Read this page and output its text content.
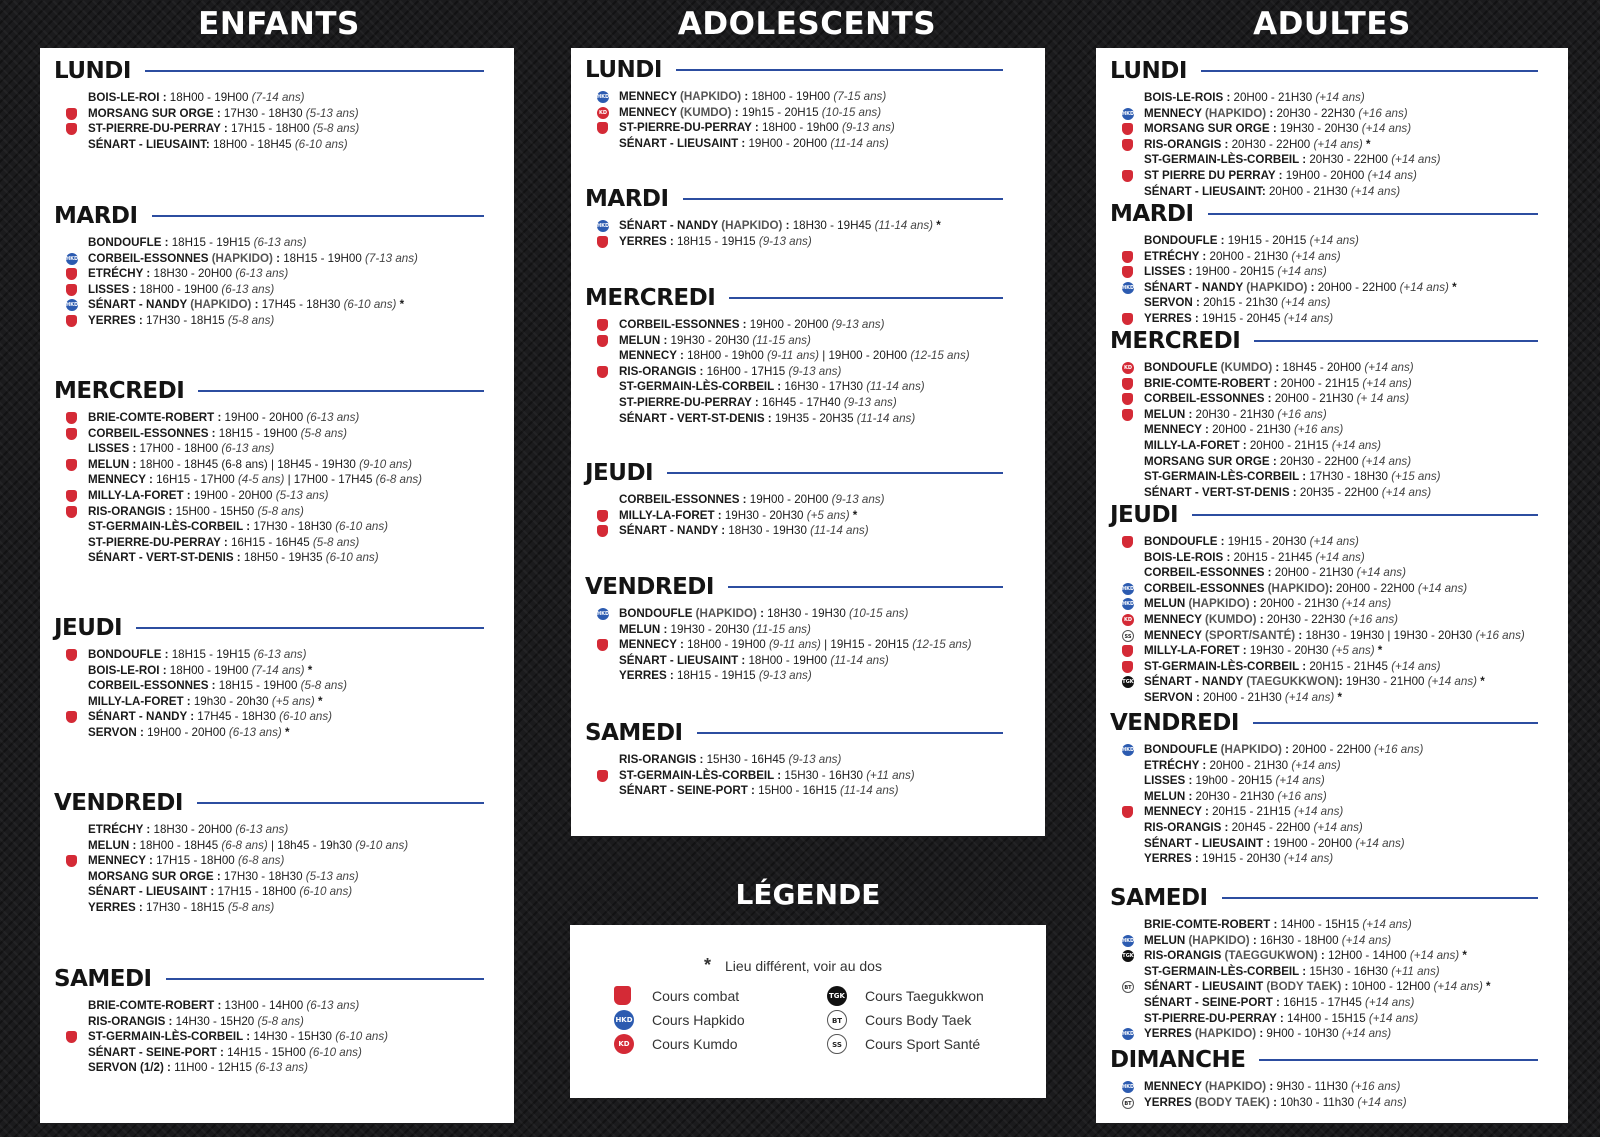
ENFANTS	ADOLESCENTS	ADULTES
LUNDI
BOIS-LE-ROI : 18H00 - 19H00 (7-14 ans)
MORSANG SUR ORGE : 17H30 - 18H30 (5-13 ans)
ST-PIERRE-DU-PERRAY : 17H15 - 18H00 (5-8 ans)
SÉNART - LIEUSAINT: 18H00 - 18H45 (6-10 ans)
MARDI
BONDOUFLE : 18H15 - 19H15 (6-13 ans)
HKD CORBEIL-ESSONNES (HAPKIDO) : 18H15 - 19H00 (7-13 ans)
ETRÉCHY : 18H30 - 20H00 (6-13 ans)
LISSES : 18H00 - 19H00 (6-13 ans)
HKD SÉNART - NANDY (HAPKIDO) : 17H45 - 18H30 (6-10 ans) *
YERRES : 17H30 - 18H15 (5-8 ans)
MERCREDI
BRIE-COMTE-ROBERT : 19H00 - 20H00 (6-13 ans)
CORBEIL-ESSONNES : 18H15 - 19H00 (5-8 ans)
LISSES : 17H00 - 18H00 (6-13 ans)
MELUN : 18H00 - 18H45 (6-8 ans) | 18H45 - 19H30 (9-10 ans)
MENNECY : 16H15 - 17H00 (4-5 ans) | 17H00 - 17H45 (6-8 ans)
MILLY-LA-FORET : 19H00 - 20H00 (5-13 ans)
RIS-ORANGIS : 15H00 - 15H50 (5-8 ans)
ST-GERMAIN-LÈS-CORBEIL : 17H30 - 18H30 (6-10 ans)
ST-PIERRE-DU-PERRAY : 16H15 - 16H45 (5-8 ans)
SÉNART - VERT-ST-DENIS : 18H50 - 19H35 (6-10 ans)
JEUDI
BONDOUFLE : 18H15 - 19H15 (6-13 ans)
BOIS-LE-ROI : 18H00 - 19H00 (7-14 ans) *
CORBEIL-ESSONNES : 18H15 - 19H00 (5-8 ans)
MILLY-LA-FORET : 19h30 - 20h30 (+5 ans) *
SÉNART - NANDY : 17H45 - 18H30 (6-10 ans)
SERVON : 19H00 - 20H00 (6-13 ans) *
VENDREDI
ETRÉCHY : 18H30 - 20H00 (6-13 ans)
MELUN : 18H00 - 18H45 (6-8 ans) | 18h45 - 19h30 (9-10 ans)
MENNECY : 17H15 - 18H00 (6-8 ans)
MORSANG SUR ORGE : 17H30 - 18H30 (5-13 ans)
SÉNART - LIEUSAINT : 17H15 - 18H00 (6-10 ans)
YERRES : 17H30 - 18H15 (5-8 ans)
SAMEDI
BRIE-COMTE-ROBERT : 13H00 - 14H00 (6-13 ans)
RIS-ORANGIS : 14H30 - 15H20 (5-8 ans)
ST-GERMAIN-LÈS-CORBEIL : 14H30 - 15H30 (6-10 ans)
SÉNART - SEINE-PORT : 14H15 - 15H00 (6-10 ans)
SERVON (1/2) : 11H00 - 12H15 (6-13 ans)
LUNDI
HKD MENNECY (HAPKIDO) : 18H00 - 19H00 (7-15 ans)
KD MENNECY (KUMDO) : 19h15 - 20H15 (10-15 ans)
ST-PIERRE-DU-PERRAY : 18H00 - 19h00 (9-13 ans)
SÉNART - LIEUSAINT : 19H00 - 20H00 (11-14 ans)
MARDI
HKD SÉNART - NANDY (HAPKIDO) : 18H30 - 19H45 (11-14 ans) *
YERRES : 18H15 - 19H15 (9-13 ans)
MERCREDI
CORBEIL-ESSONNES : 19H00 - 20H00 (9-13 ans)
MELUN : 19H30 - 20H30 (11-15 ans)
MENNECY : 18H00 - 19h00 (9-11 ans) | 19H00 - 20H00 (12-15 ans)
RIS-ORANGIS : 16H00 - 17H15 (9-13 ans)
ST-GERMAIN-LÈS-CORBEIL : 16H30 - 17H30 (11-14 ans)
ST-PIERRE-DU-PERRAY : 16H45 - 17H40 (9-13 ans)
SÉNART - VERT-ST-DENIS : 19H35 - 20H35 (11-14 ans)
JEUDI
CORBEIL-ESSONNES : 19H00 - 20H00 (9-13 ans)
MILLY-LA-FORET : 19H30 - 20H30 (+5 ans) *
SÉNART - NANDY : 18H30 - 19H30 (11-14 ans)
VENDREDI
HKD BONDOUFLE (HAPKIDO) : 18H30 - 19H30 (10-15 ans)
MELUN : 19H30 - 20H30 (11-15 ans)
MENNECY : 18H00 - 19H00 (9-11 ans) | 19H15 - 20H15 (12-15 ans)
SÉNART - LIEUSAINT : 18H00 - 19H00 (11-14 ans)
YERRES : 18H15 - 19H15 (9-13 ans)
SAMEDI
RIS-ORANGIS : 15H30 - 16H45 (9-13 ans)
ST-GERMAIN-LÈS-CORBEIL : 15H30 - 16H30 (+11 ans)
SÉNART - SEINE-PORT : 15H00 - 16H15 (11-14 ans)
LUNDI
BOIS-LE-ROIS : 20H00 - 21H30 (+14 ans)
HKD MENNECY (HAPKIDO) : 20H30 - 22H30 (+16 ans)
MORSANG SUR ORGE : 19H30 - 20H30 (+14 ans)
RIS-ORANGIS : 20H30 - 22H00 (+14 ans) *
ST-GERMAIN-LÈS-CORBEIL : 20H30 - 22H00 (+14 ans)
ST PIERRE DU PERRAY : 19H00 - 20H00 (+14 ans)
SÉNART - LIEUSAINT: 20H00 - 21H30 (+14 ans)
MARDI
BONDOUFLE : 19H15 - 20H15 (+14 ans)
ETRÉCHY : 20H00 - 21H30 (+14 ans)
LISSES : 19H00 - 20H15 (+14 ans)
HKD SÉNART - NANDY (HAPKIDO) : 20H00 - 22H00 (+14 ans) *
SERVON : 20h15 - 21h30 (+14 ans)
YERRES : 19H15 - 20H45 (+14 ans)
MERCREDI
KD BONDOUFLE (KUMDO) : 18H45 - 20H00 (+14 ans)
BRIE-COMTE-ROBERT : 20H00 - 21H15 (+14 ans)
CORBEIL-ESSONNES : 20H00 - 21H30 (+ 14 ans)
MELUN : 20H30 - 21H30 (+16 ans)
MENNECY : 20H00 - 21H30 (+16 ans)
MILLY-LA-FORET : 20H00 - 21H15 (+14 ans)
MORSANG SUR ORGE : 20H30 - 22H00 (+14 ans)
ST-GERMAIN-LÈS-CORBEIL : 17H30 - 18H30 (+15 ans)
SÉNART - VERT-ST-DENIS : 20H35 - 22H00 (+14 ans)
JEUDI
BONDOUFLE : 19H15 - 20H30 (+14 ans)
BOIS-LE-ROIS : 20H15 - 21H45 (+14 ans)
CORBEIL-ESSONNES : 20H00 - 21H30 (+14 ans)
HKD CORBEIL-ESSONNES (HAPKIDO): 20H00 - 22H00 (+14 ans)
HKD MELUN (HAPKIDO) : 20H00 - 21H30 (+14 ans)
KD MENNECY (KUMDO) : 20H30 - 22H30 (+16 ans)
SS MENNECY (SPORT/SANTÉ) : 18H30 - 19H30 | 19H30 - 20H30 (+16 ans)
MILLY-LA-FORET : 19H30 - 20H30 (+5 ans) *
ST-GERMAIN-LÈS-CORBEIL : 20H15 - 21H45 (+14 ans)
TGK SÉNART - NANDY (TAEGUKKWON): 19H30 - 21H00 (+14 ans) *
SERVON : 20H00 - 21H30 (+14 ans) *
VENDREDI
HKD BONDOUFLE (HAPKIDO) : 20H00 - 22H00 (+16 ans)
ETRÉCHY : 20H00 - 21H30 (+14 ans)
LISSES : 19h00 - 20H15 (+14 ans)
MELUN : 20H30 - 21H30 (+16 ans)
MENNECY : 20H15 - 21H15 (+14 ans)
RIS-ORANGIS : 20H45 - 22H00 (+14 ans)
SÉNART - LIEUSAINT : 19H00 - 20H00 (+14 ans)
YERRES : 19H15 - 20H30 (+14 ans)
SAMEDI
BRIE-COMTE-ROBERT : 14H00 - 15H15 (+14 ans)
HKD MELUN (HAPKIDO) : 16H30 - 18H00 (+14 ans)
TGK RIS-ORANGIS (TAEGGUKWON) : 12H00 - 14H00 (+14 ans) *
ST-GERMAIN-LÈS-CORBEIL : 15H30 - 16H30 (+11 ans)
BT SÉNART - LIEUSAINT (BODY TAEK) : 10H00 - 12H00 (+14 ans) *
SÉNART - SEINE-PORT : 16H15 - 17H45 (+14 ans)
ST-PIERRE-DU-PERRAY : 14H00 - 15H15 (+14 ans)
HKD YERRES (HAPKIDO) : 9H00 - 10H30 (+14 ans)
DIMANCHE
HKD MENNECY (HAPKIDO) : 9H30 - 11H30 (+16 ans)
BT YERRES (BODY TAEK) : 10h30 - 11h30 (+14 ans)
LÉGENDE
* Lieu différent, voir au dos
Cours combat
HKD Cours Hapkido
KD	Cours Kumdo
TGK Cours Taegukkwon
BT	Cours Body Taek
SS	Cours Sport Santé
